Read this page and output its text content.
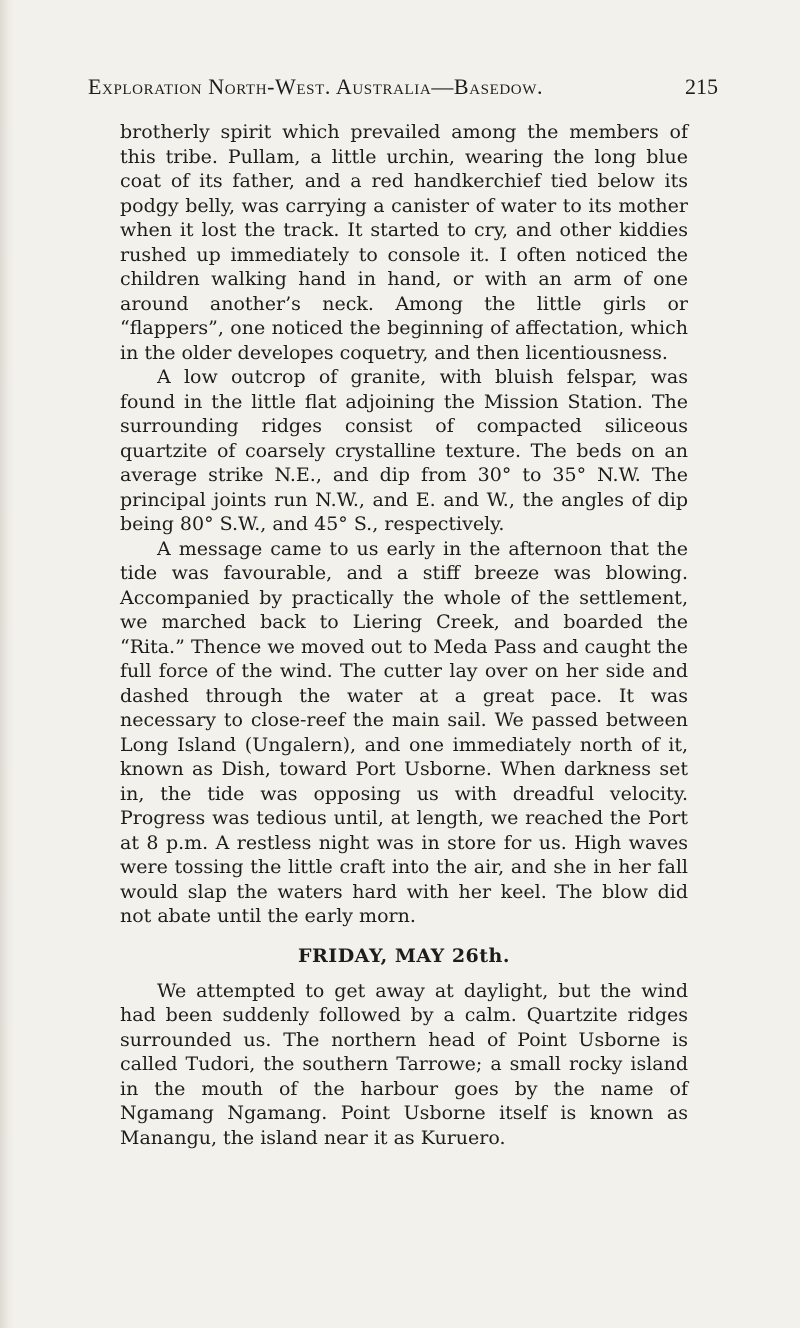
Exploration North-West. Australia—Basedow.	215

brotherly spirit which prevailed among the members of this tribe. Pullam, a little urchin, wearing the long blue coat of its father, and a red handkerchief tied below its podgy belly, was carrying a canister of water to its mother when it lost the track. It started to cry, and other kiddies rushed up immediately to console it. I often noticed the children walking hand in hand, or with an arm of one around another’s neck. Among the little girls or “flappers”, one noticed the beginning of affectation, which in the older developes coquetry, and then licentiousness.

A low outcrop of granite, with bluish felspar, was found in the little flat adjoining the Mission Station. The surrounding ridges consist of compacted siliceous quartzite of coarsely crystalline texture. The beds on an average strike N.E., and dip from 30° to 35° N.W. The principal joints run N.W., and E. and W., the angles of dip being 80° S.W., and 45° S., respectively.

A message came to us early in the afternoon that the tide was favourable, and a stiff breeze was blowing. Accompanied by practically the whole of the settlement, we marched back to Liering Creek, and boarded the “Rita.” Thence we moved out to Meda Pass and caught the full force of the wind. The cutter lay over on her side and dashed through the water at a great pace. It was necessary to close-reef the main sail. We passed between Long Island (Ungalern), and one immediately north of it, known as Dish, toward Port Usborne. When darkness set in, the tide was opposing us with dreadful velocity. Progress was tedious until, at length, we reached the Port at 8 p.m. A restless night was in store for us. High waves were tossing the little craft into the air, and she in her fall would slap the waters hard with her keel. The blow did not abate until the early morn.

FRIDAY, MAY 26th.

We attempted to get away at daylight, but the wind had been suddenly followed by a calm. Quartzite ridges surrounded us. The northern head of Point Usborne is called Tudori, the southern Tarrowe; a small rocky island in the mouth of the harbour goes by the name of Ngamang Ngamang. Point Usborne itself is known as Manangu, the island near it as Kuruero.
